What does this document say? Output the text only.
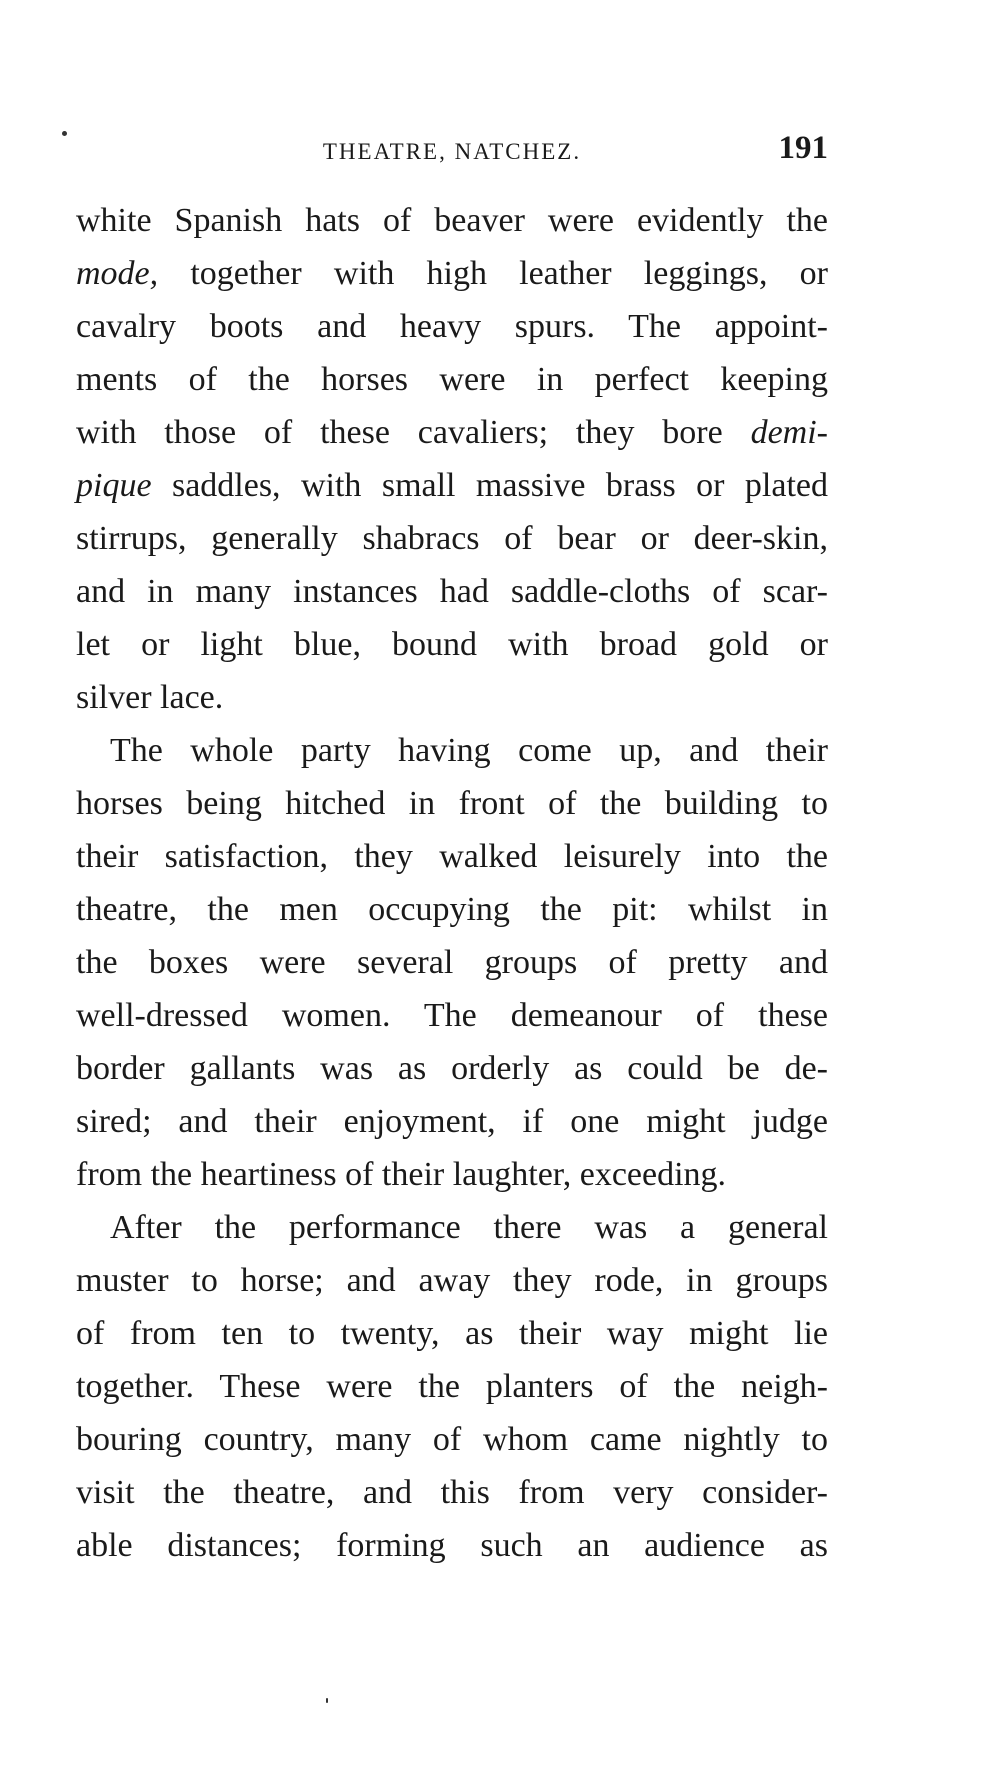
THEATRE, NATCHEZ.	191
white Spanish hats of beaver were evidently the
mode, together with high leather leggings, or
cavalry boots and heavy spurs. The appoint-
ments of the horses were in perfect keeping
with those of these cavaliers; they bore demi-
pique saddles, with small massive brass or plated
stirrups, generally shabracs of bear or deer-skin,
and in many instances had saddle-cloths of scar-
let or light blue, bound with broad gold or
silver lace.
The whole party having come up, and their
horses being hitched in front of the building to
their satisfaction, they walked leisurely into the
theatre, the men occupying the pit: whilst in
the boxes were several groups of pretty and
well-dressed women. The demeanour of these
border gallants was as orderly as could be de-
sired; and their enjoyment, if one might judge
from the heartiness of their laughter, exceeding.
After the performance there was a general
muster to horse; and away they rode, in groups
of from ten to twenty, as their way might lie
together. These were the planters of the neigh-
bouring country, many of whom came nightly to
visit the theatre, and this from very consider-
able distances; forming such an audience as
